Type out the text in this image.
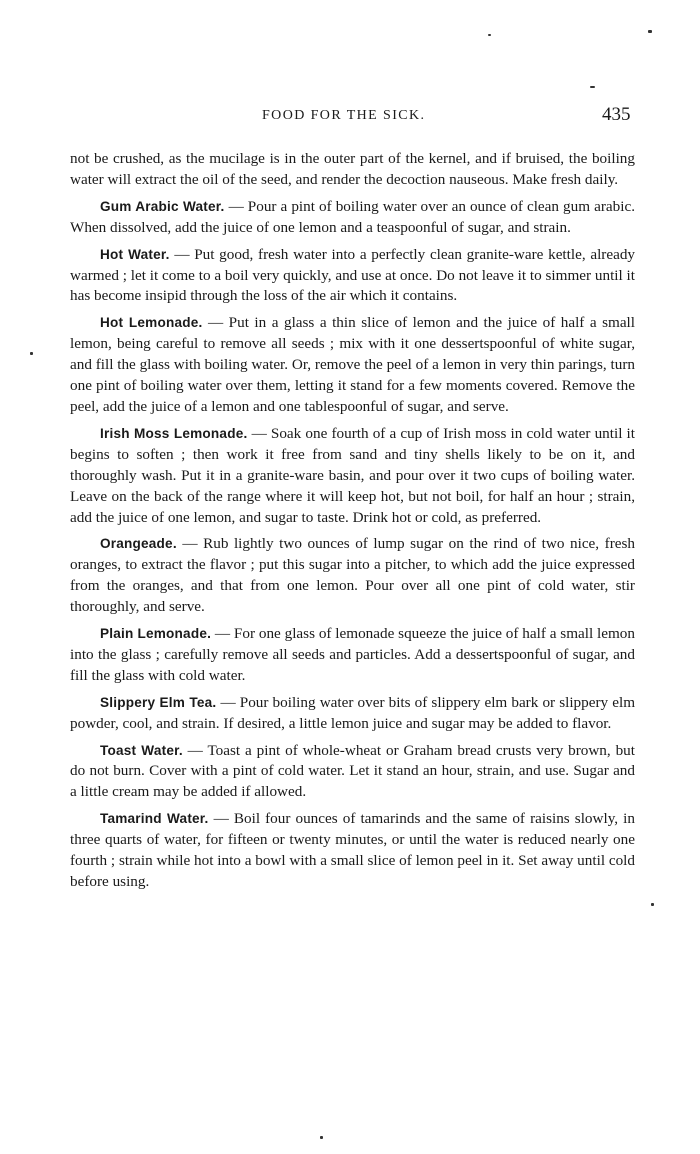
FOOD FOR THE SICK.	435

not be crushed, as the mucilage is in the outer part of the kernel, and if bruised, the boiling water will extract the oil of the seed, and render the decoction nauseous. Make fresh daily.

Gum Arabic Water. — Pour a pint of boiling water over an ounce of clean gum arabic. When dissolved, add the juice of one lemon and a teaspoonful of sugar, and strain.

Hot Water. — Put good, fresh water into a perfectly clean granite-ware kettle, already warmed ; let it come to a boil very quickly, and use at once. Do not leave it to simmer until it has become insipid through the loss of the air which it contains.

Hot Lemonade. — Put in a glass a thin slice of lemon and the juice of half a small lemon, being careful to remove all seeds ; mix with it one dessertspoonful of white sugar, and fill the glass with boiling water. Or, remove the peel of a lemon in very thin parings, turn one pint of boiling water over them, letting it stand for a few moments covered. Remove the peel, add the juice of a lemon and one tablespoonful of sugar, and serve.

Irish Moss Lemonade. — Soak one fourth of a cup of Irish moss in cold water until it begins to soften ; then work it free from sand and tiny shells likely to be on it, and thoroughly wash. Put it in a granite-ware basin, and pour over it two cups of boiling water. Leave on the back of the range where it will keep hot, but not boil, for half an hour ; strain, add the juice of one lemon, and sugar to taste. Drink hot or cold, as preferred.

Orangeade. — Rub lightly two ounces of lump sugar on the rind of two nice, fresh oranges, to extract the flavor ; put this sugar into a pitcher, to which add the juice expressed from the oranges, and that from one lemon. Pour over all one pint of cold water, stir thoroughly, and serve.

Plain Lemonade. — For one glass of lemonade squeeze the juice of half a small lemon into the glass ; carefully remove all seeds and particles. Add a dessertspoonful of sugar, and fill the glass with cold water.

Slippery Elm Tea. — Pour boiling water over bits of slippery elm bark or slippery elm powder, cool, and strain. If desired, a little lemon juice and sugar may be added to flavor.

Toast Water. — Toast a pint of whole-wheat or Graham bread crusts very brown, but do not burn. Cover with a pint of cold water. Let it stand an hour, strain, and use. Sugar and a little cream may be added if allowed.

Tamarind Water. — Boil four ounces of tamarinds and the same of raisins slowly, in three quarts of water, for fifteen or twenty minutes, or until the water is reduced nearly one fourth ; strain while hot into a bowl with a small slice of lemon peel in it. Set away until cold before using.
